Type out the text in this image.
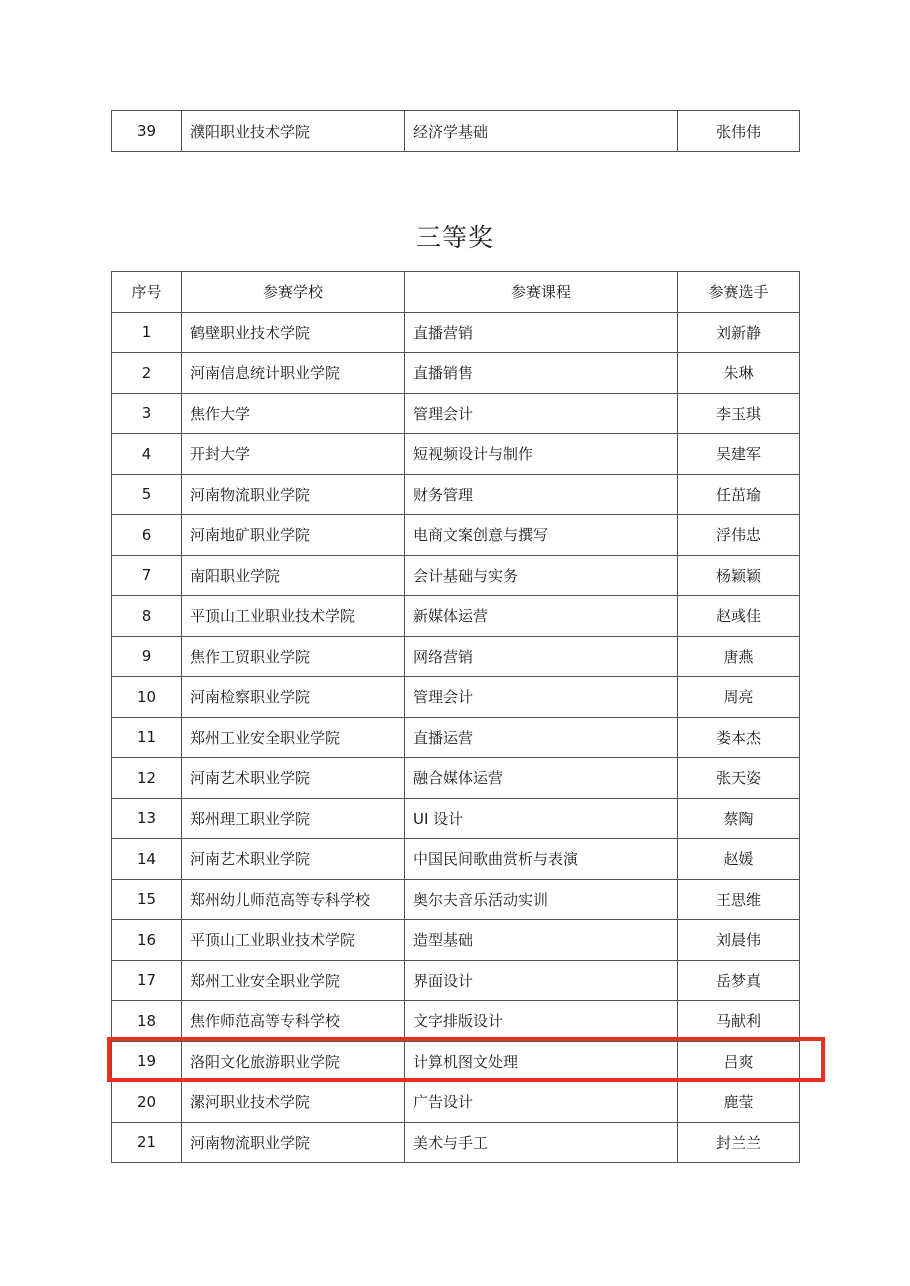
39	濮阳职业技术学院	经济学基础	张伟伟
三等奖
序号	参赛学校	参赛课程	参赛选手
1	鹤壁职业技术学院	直播营销	刘新静
2	河南信息统计职业学院	直播销售	朱琳
3	焦作大学	管理会计	李玉琪
4	开封大学	短视频设计与制作	吴建军
5	河南物流职业学院	财务管理	任茁瑜
6	河南地矿职业学院	电商文案创意与撰写	浮伟忠
7	南阳职业学院	会计基础与实务	杨颖颖
8	平顶山工业职业技术学院	新媒体运营	赵彧佳
9	焦作工贸职业学院	网络营销	唐燕
10	河南检察职业学院	管理会计	周亮
11	郑州工业安全职业学院	直播运营	娄本杰
12	河南艺术职业学院	融合媒体运营	张天姿
13	郑州理工职业学院	UI 设计	蔡陶
14	河南艺术职业学院	中国民间歌曲赏析与表演	赵媛
15	郑州幼儿师范高等专科学校	奥尔夫音乐活动实训	王思维
16	平顶山工业职业技术学院	造型基础	刘晨伟
17	郑州工业安全职业学院	界面设计	岳梦真
18	焦作师范高等专科学校	文字排版设计	马献利
19	洛阳文化旅游职业学院	计算机图文处理	吕爽
20	漯河职业技术学院	广告设计	鹿莹
21	河南物流职业学院	美术与手工	封兰兰
